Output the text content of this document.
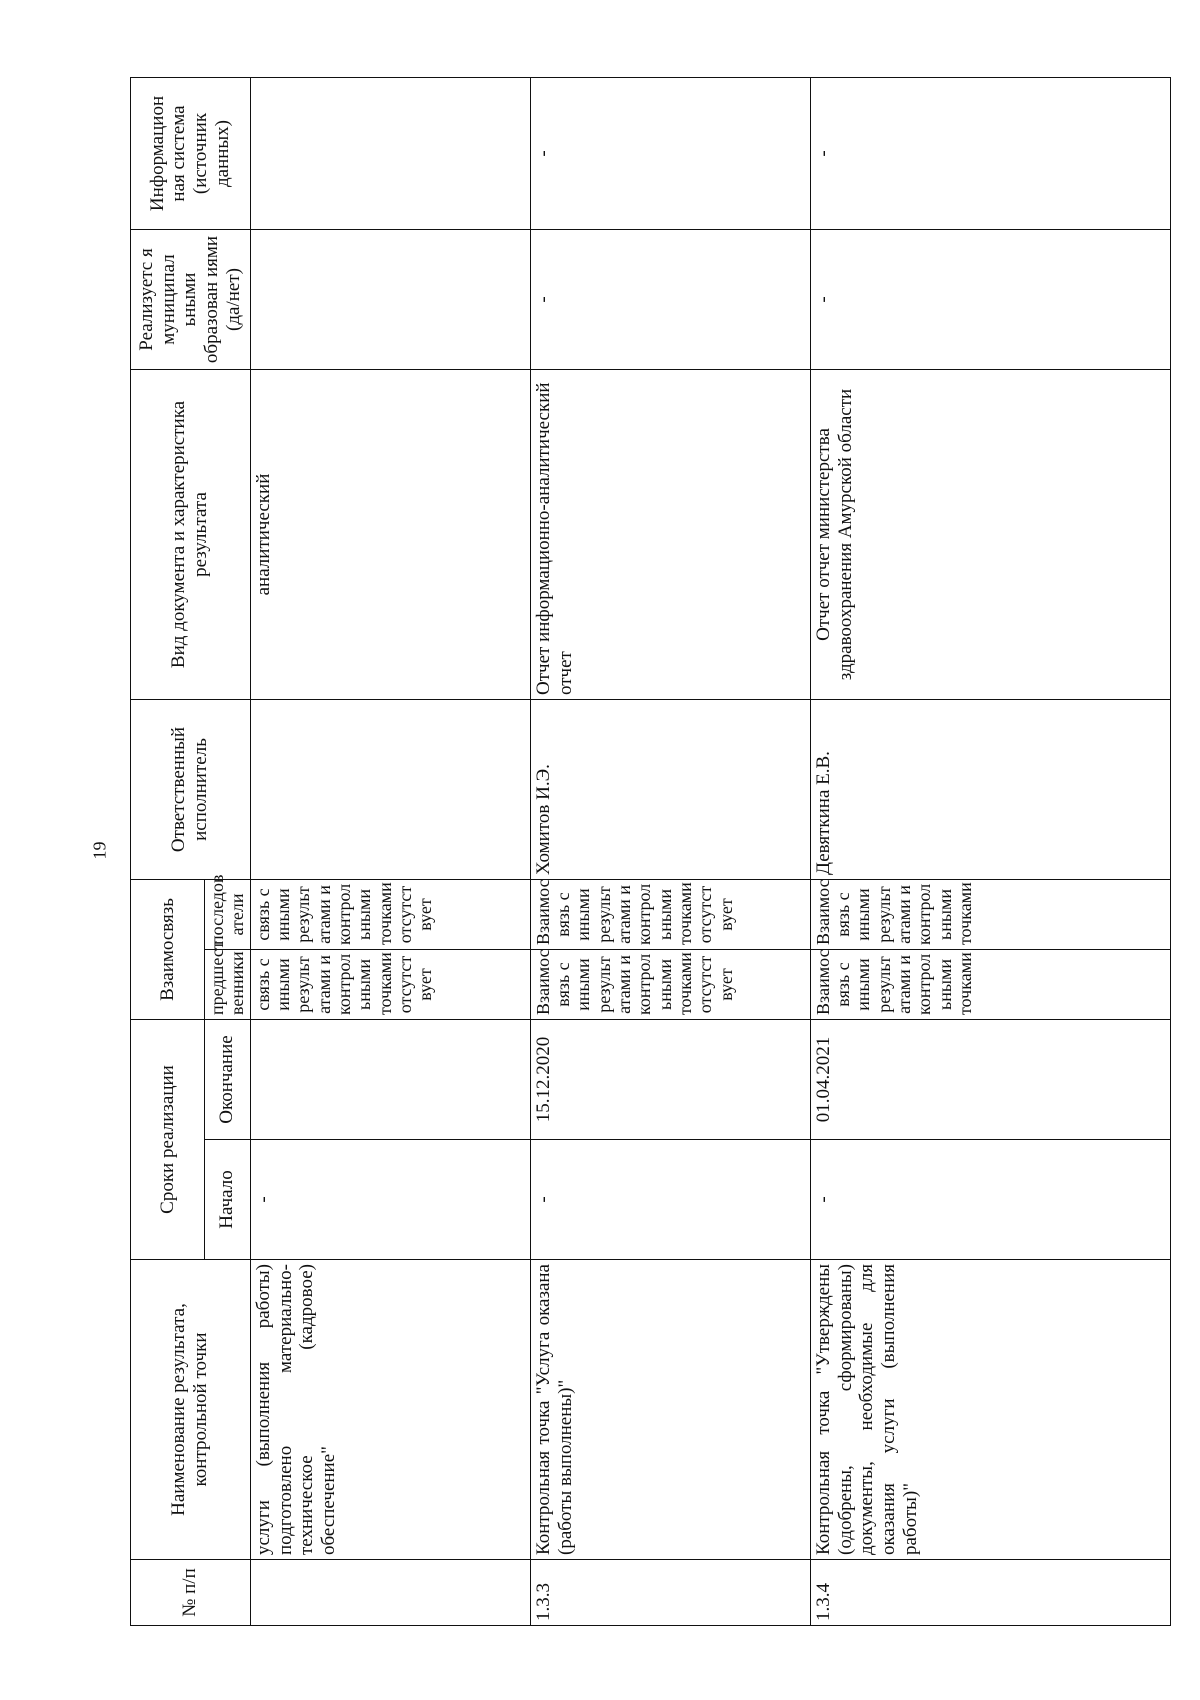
19
№ п/п	Наименование результата, контрольной точки	Сроки реализации		Взаимосвязь		Ответственный исполнитель	Вид документа и характеристика результата	Реализуетс я муниципал ьными образован иями (да/нет)	Информацион ная система (источник данных)
		Начало	Окончание	предшест венники	последов атели				
	услуги (выполнения работы) подготовлено материально-техническое (кадровое) обеспечение"	-		связь с иными результ атами и контрол ьными точками отсутст вует	связь с иными результ атами и контрол ьными точками отсутст вует		аналитический		
1.3.3	Контрольная точка "Услуга оказана (работы выполнены)"	-	15.12.2020	Взаимос вязь с иными результ атами и контрол ьными точками отсутст вует	Взаимос вязь с иными результ атами и контрол ьными точками отсутст вует	Хомитов И.Э.	Отчет информационно-аналитический отчет	-	-
1.3.4	Контрольная точка "Утверждены (одобрены, сформированы) документы, необходимые для оказания услуги (выполнения работы)"	-	01.04.2021	Взаимос вязь с иными результ атами и контрол ьными точками	Взаимос вязь с иными результ атами и контрол ьными точками	Девяткина Е.В.	Отчет отчет министерства здравоохранения Амурской области	-	-
